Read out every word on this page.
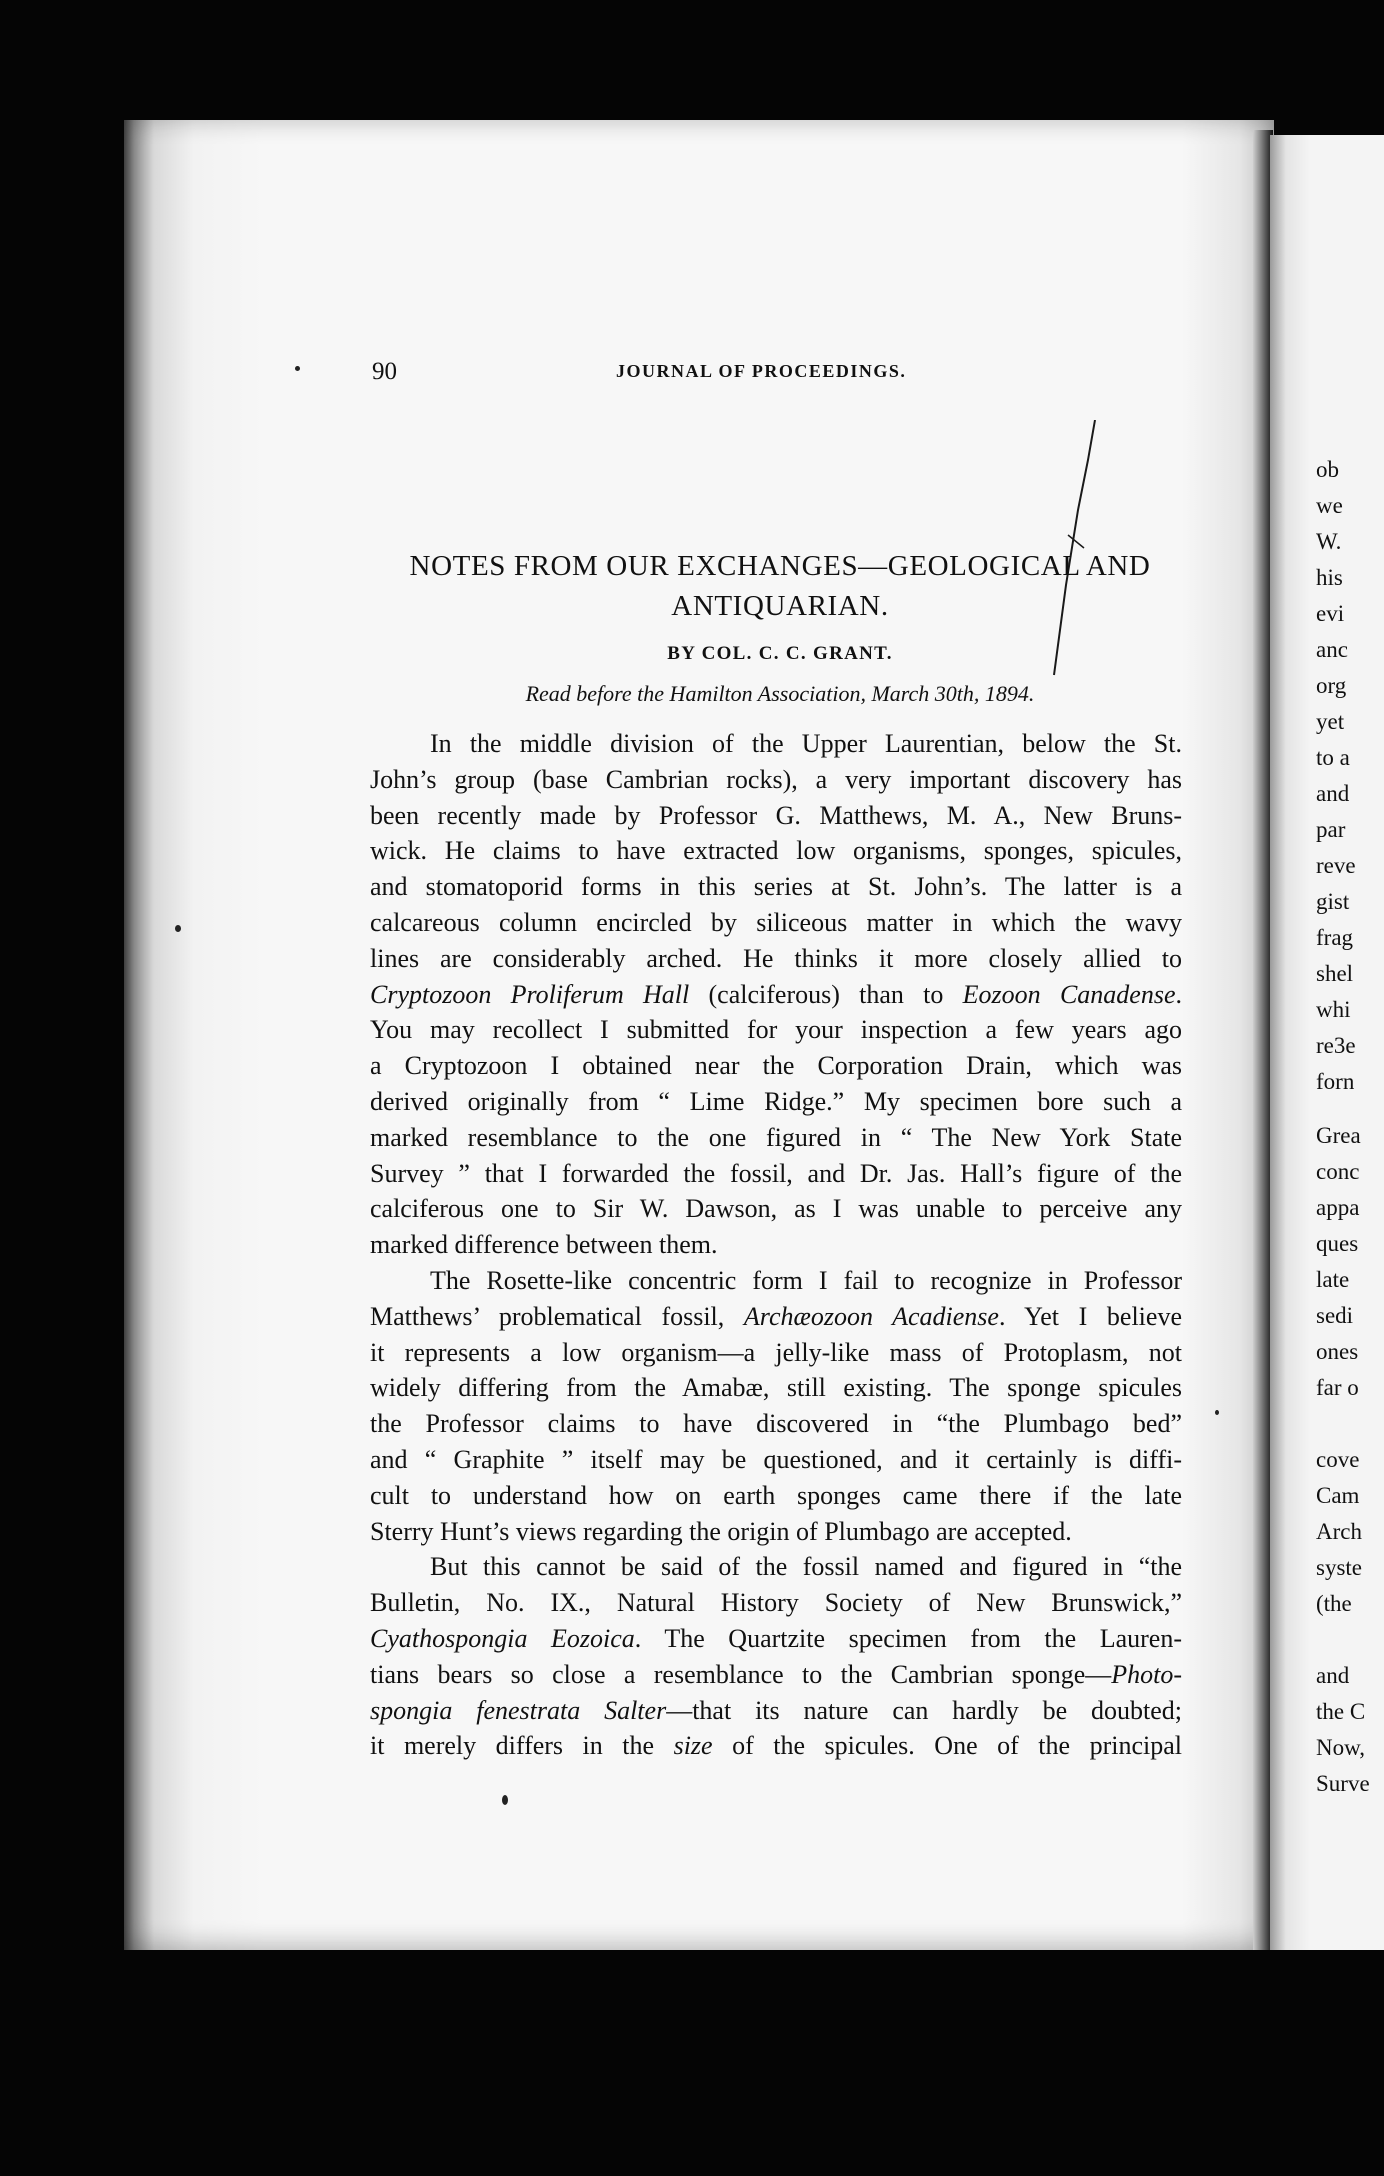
ob
we
W.
his
evi
anc
org
yet
to a
and
par
reve
gist
frag
shel
whi
re3e
forn
Grea
conc
appa
ques
late
sedi
ones
far o
cove
Cam
Arch
syste
(the
and
the C
Now,
Surve
90	JOURNAL OF PROCEEDINGS.
NOTES FROM OUR EXCHANGES—GEOLOGICAL AND
ANTIQUARIAN.
BY COL. C. C. GRANT.
Read before the Hamilton Association, March 30th, 1894.
In the middle division of the Upper Laurentian, below the St.
John’s group (base Cambrian rocks), a very important discovery has
been recently made by Professor G. Matthews, M. A., New Bruns-
wick. He claims to have extracted low organisms, sponges, spicules,
and stomatoporid forms in this series at St. John’s. The latter is a
calcareous column encircled by siliceous matter in which the wavy
lines are considerably arched. He thinks it more closely allied to
Cryptozoon Proliferum Hall (calciferous) than to Eozoon Canadense.
You may recollect I submitted for your inspection a few years ago
a Cryptozoon I obtained near the Corporation Drain, which was
derived originally from “ Lime Ridge.” My specimen bore such a
marked resemblance to the one figured in “ The New York State
Survey ” that I forwarded the fossil, and Dr. Jas. Hall’s figure of the
calciferous one to Sir W. Dawson, as I was unable to perceive any
marked difference between them.
The Rosette-like concentric form I fail to recognize in Professor
Matthews’ problematical fossil, Archæozoon Acadiense. Yet I believe
it represents a low organism—a jelly-like mass of Protoplasm, not
widely differing from the Amabæ, still existing. The sponge spicules
the Professor claims to have discovered in “the Plumbago bed”
and “ Graphite ” itself may be questioned, and it certainly is diffi-
cult to understand how on earth sponges came there if the late
Sterry Hunt’s views regarding the origin of Plumbago are accepted.
But this cannot be said of the fossil named and figured in “the
Bulletin, No. IX., Natural History Society of New Brunswick,”
Cyathospongia Eozoica. The Quartzite specimen from the Lauren-
tians bears so close a resemblance to the Cambrian sponge—Photo-
spongia fenestrata Salter—that its nature can hardly be doubted;
it merely differs in the size of the spicules. One of the principal
